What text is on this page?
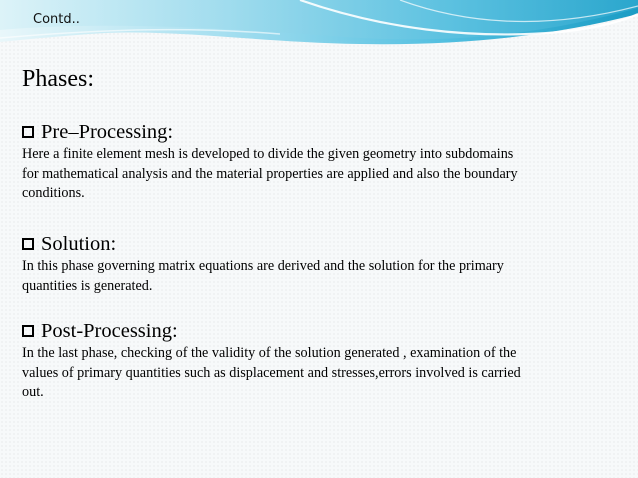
Contd..
Phases:
Pre–Processing:
Here a finite element mesh is developed to divide the given geometry into subdomains
for mathematical analysis and the material properties are applied and also the boundary
conditions.
Solution:
In this phase governing matrix equations are derived and the solution for the primary
quantities is generated.
Post-Processing:
In the last phase, checking of the validity of the solution generated , examination of the
values of primary quantities such as displacement and stresses,errors involved is carried
out.
